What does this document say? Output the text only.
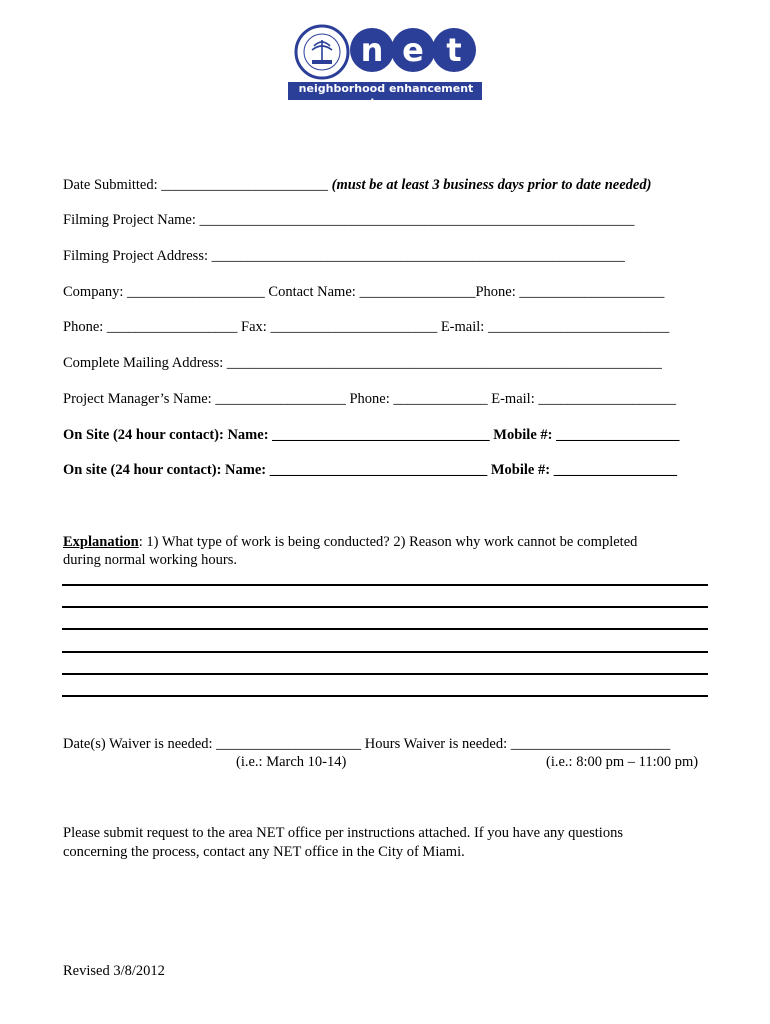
n e t
neighborhood enhancement team
Date Submitted: _______________________ (must be at least 3 business days prior to date needed)
Filming Project Name: ____________________________________________________________
Filming Project Address: _________________________________________________________
Company: ___________________ Contact Name: ________________Phone: ____________________
Phone: __________________ Fax: _______________________ E-mail: _________________________
Complete Mailing Address: ____________________________________________________________
Project Manager’s Name: __________________ Phone: _____________ E-mail: ___________________
On Site (24 hour contact): Name: ______________________________ Mobile #: _________________
On site (24 hour contact): Name: ______________________________ Mobile #: _________________
Explanation: 1) What type of work is being conducted? 2) Reason why work cannot be completed
during normal working hours.
Date(s) Waiver is needed: ____________________ Hours Waiver is needed: ______________________
(i.e.: March 10-14)	(i.e.: 8:00 pm – 11:00 pm)
Please submit request to the area NET office per instructions attached. If you have any questions
concerning the process, contact any NET office in the City of Miami.
Revised 3/8/2012
